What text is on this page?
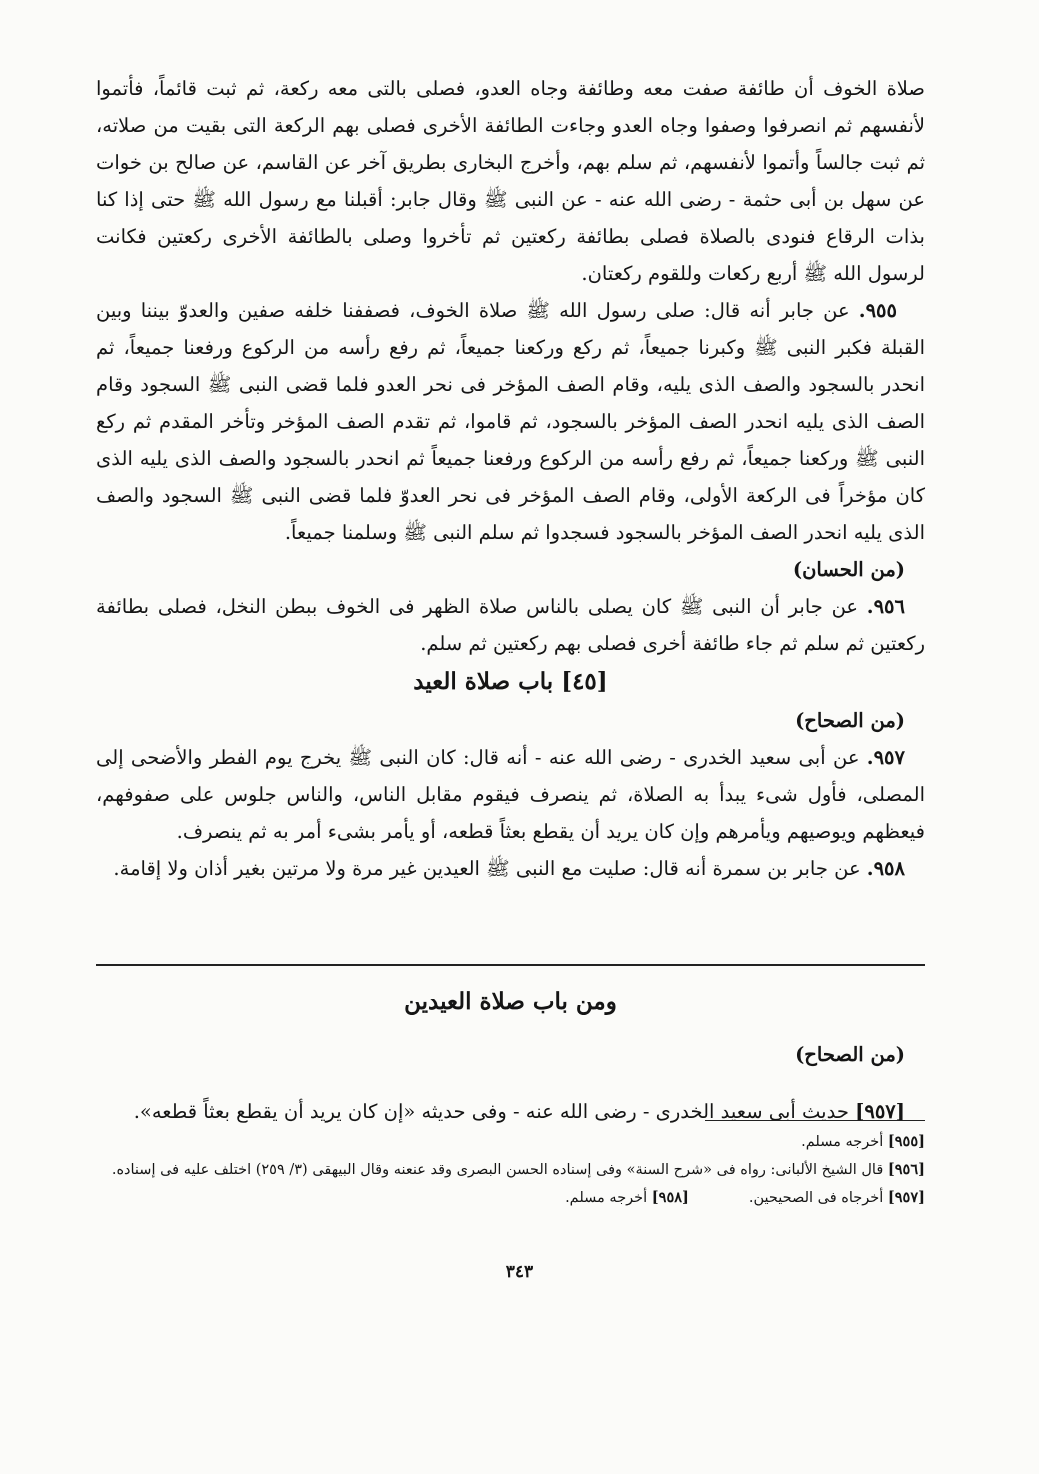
صلاة الخوف أن طائفة صفت معه وطائفة وجاه العدو، فصلى بالتى معه ركعة، ثم ثبت قائماً، فأتموا لأنفسهم ثم انصرفوا وصفوا وجاه العدو وجاءت الطائفة الأخرى فصلى بهم الركعة التى بقيت من صلاته، ثم ثبت جالساً وأتموا لأنفسهم، ثم سلم بهم، وأخرج البخارى بطريق آخر عن القاسم، عن صالح بن خوات عن سهل بن أبى حثمة - رضى الله عنه - عن النبى ﷺ وقال جابر: أقبلنا مع رسول الله ﷺ حتى إذا كنا بذات الرقاع فنودى بالصلاة فصلى بطائفة ركعتين ثم تأخروا وصلى بالطائفة الأخرى ركعتين فكانت لرسول الله ﷺ أربع ركعات وللقوم ركعتان.

٩٥٥. عن جابر أنه قال: صلى رسول الله ﷺ صلاة الخوف، فصففنا خلفه صفين والعدوّ بيننا وبين القبلة فكبر النبى ﷺ وكبرنا جميعاً، ثم ركع وركعنا جميعاً، ثم رفع رأسه من الركوع ورفعنا جميعاً، ثم انحدر بالسجود والصف الذى يليه، وقام الصف المؤخر فى نحر العدو فلما قضى النبى ﷺ السجود وقام الصف الذى يليه انحدر الصف المؤخر بالسجود، ثم قاموا، ثم تقدم الصف المؤخر وتأخر المقدم ثم ركع النبى ﷺ وركعنا جميعاً، ثم رفع رأسه من الركوع ورفعنا جميعاً ثم انحدر بالسجود والصف الذى يليه الذى كان مؤخراً فى الركعة الأولى، وقام الصف المؤخر فى نحر العدوّ فلما قضى النبى ﷺ السجود والصف الذى يليه انحدر الصف المؤخر بالسجود فسجدوا ثم سلم النبى ﷺ وسلمنا جميعاً.

(من الحسان)

٩٥٦. عن جابر أن النبى ﷺ كان يصلى بالناس صلاة الظهر فى الخوف ببطن النخل، فصلى بطائفة ركعتين ثم سلم ثم جاء طائفة أخرى فصلى بهم ركعتين ثم سلم.

[٤٥] باب صلاة العيد

(من الصحاح)

٩٥٧. عن أبى سعيد الخدرى - رضى الله عنه - أنه قال: كان النبى ﷺ يخرج يوم الفطر والأضحى إلى المصلى، فأول شىء يبدأ به الصلاة، ثم ينصرف فيقوم مقابل الناس، والناس جلوس على صفوفهم، فيعظهم ويوصيهم ويأمرهم وإن كان يريد أن يقطع بعثاً قطعه، أو يأمر بشىء أمر به ثم ينصرف.

٩٥٨. عن جابر بن سمرة أنه قال: صليت مع النبى ﷺ العيدين غير مرة ولا مرتين بغير أذان ولا إقامة.

ومن باب صلاة العيدين

(من الصحاح)

[٩٥٧] حديث أبى سعيد الخدرى - رضى الله عنه - وفى حديثه «إن كان يريد أن يقطع بعثاً قطعه».

[٩٥٥] أخرجه مسلم.

[٩٥٦] قال الشيخ الألبانى: رواه فى «شرح السنة» وفى إسناده الحسن البصرى وقد عنعنه وقال البيهقى (٣/ ٢٥٩) اختلف عليه فى إسناده.

[٩٥٧] أخرجاه فى الصحيحين.

[٩٥٨] أخرجه مسلم.

٣٤٣
